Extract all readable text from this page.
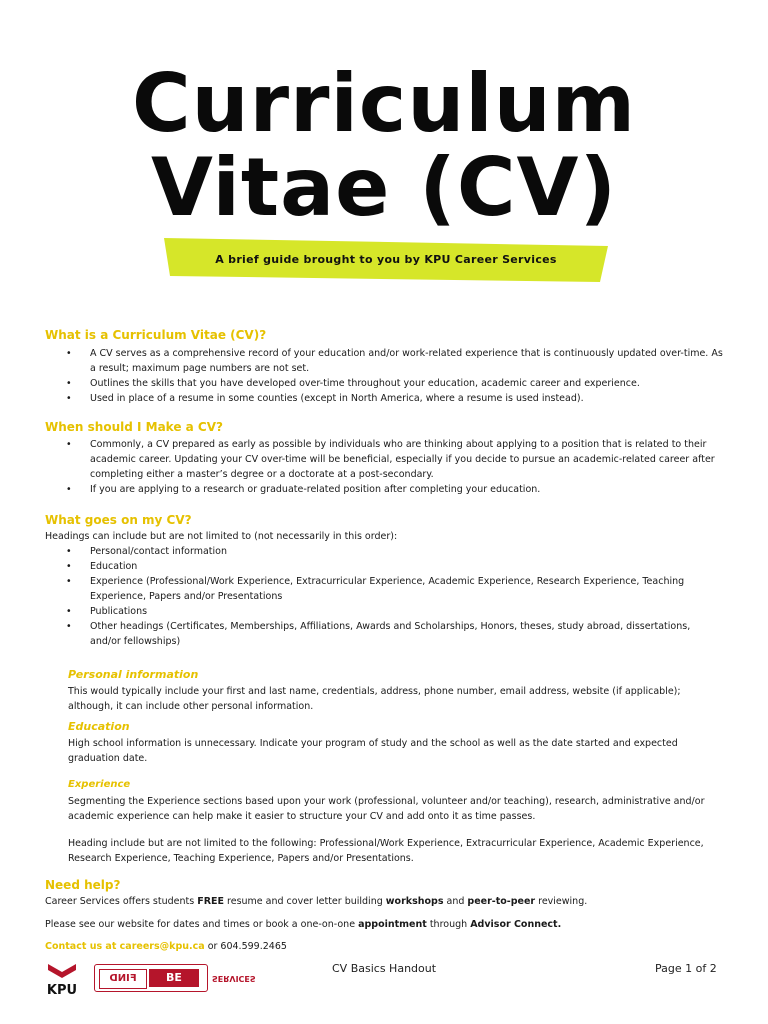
Curriculum
Vitae (CV)
A brief guide brought to you by KPU Career Services
What is a Curriculum Vitae (CV)?
• A CV serves as a comprehensive record of your education and/or work-related experience that is continuously updated over-time. As a result; maximum page numbers are not set.
• Outlines the skills that you have developed over-time throughout your education, academic career and experience.
• Used in place of a resume in some counties (except in North America, where a resume is used instead).
When should I Make a CV?
• Commonly, a CV prepared as early as possible by individuals who are thinking about applying to a position that is related to their academic career. Updating your CV over-time will be beneficial, especially if you decide to pursue an academic-related career after completing either a master’s degree or a doctorate at a post-secondary.
• If you are applying to a research or graduate-related position after completing your education.
What goes on my CV?
Headings can include but are not limited to (not necessarily in this order):
• Personal/contact information
• Education
• Experience (Professional/Work Experience, Extracurricular Experience, Academic Experience, Research Experience, Teaching Experience, Papers and/or Presentations
• Publications
• Other headings (Certificates, Memberships, Affiliations, Awards and Scholarships, Honors, theses, study abroad, dissertations, and/or fellowships)
Personal information
This would typically include your first and last name, credentials, address, phone number, email address, website (if applicable); although, it can include other personal information.
Education
High school information is unnecessary. Indicate your program of study and the school as well as the date started and expected graduation date.
Experience
Segmenting the Experience sections based upon your work (professional, volunteer and/or teaching), research, administrative and/or academic experience can help make it easier to structure your CV and add onto it as time passes.
Heading include but are not limited to the following: Professional/Work Experience, Extracurricular Experience, Academic Experience, Research Experience, Teaching Experience, Papers and/or Presentations.
Need help?
Career Services offers students FREE resume and cover letter building workshops and peer-to-peer reviewing.
Please see our website for dates and times or book a one-on-one appointment through Advisor Connect.
Contact us at careers@kpu.ca or 604.599.2465
KPU
FIND	BE	SERVICES
CV Basics Handout	Page 1 of 2
